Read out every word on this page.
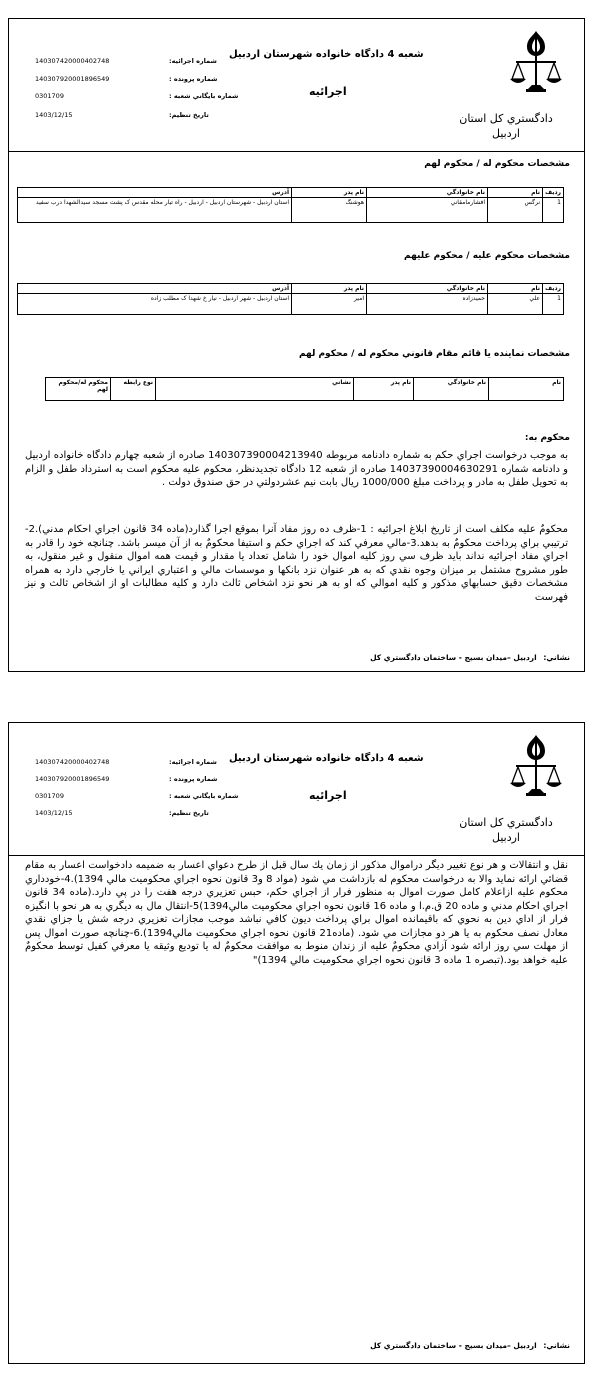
دادگستري كل استان اردبيل
شعبه 4 دادگاه خانواده شهرستان اردبيل
اجرائيه
شماره اجرائيه:
140307420000402748
شماره پرونده :
140307920001896549
شماره بايگاني شعبه :
0301709
تاريخ تنظيم:
1403/12/15
مشخصات محكوم له / محكوم لهم
رديف	نام	نام خانوادگي	نام پدر	آدرس
1	نرگس	افشارمامقاني	هوشنگ	استان اردبيل - شهرستان اردبيل - اردبيل - راه تيار محله مقدس ک پشت مسجد سيدالشهدا درب سفيد
مشخصات محكوم عليه / محكوم عليهم
رديف	نام	نام خانوادگي	نام پدر	آدرس
1	علي	حميدزاده	امير	استان اردبيل - شهر اردبيل - نيار خ شهدا ک مطلب زاده
مشخصات نماينده يا قائم مقام قانوني محكوم له / محكوم لهم
نام	نام خانوادگي	نام پدر	نشاني	نوع رابطه	محكوم له/محكوم لهم
محكوم به:
به موجب درخواست اجراي حكم به شماره دادنامه مربوطه 140307390004213940 صادره از شعبه چهارم دادگاه خانواده اردبيل و دادنامه شماره 14037390004630291 صادره از شعبه 12 دادگاه تجديدنظر، محكوم عليه محكوم است به استرداد طفل و الزام به تحويل طفل به مادر و پرداخت مبلغ 1000/000 ريال بابت نيم عشردولتي در حق صندوق دولت .
محكومٌ عليه مكلف است از تاريخ ابلاغ اجرائيه : 1-ظرف ده روز مفاد آنرا بموقع اجرا گذارد(ماده 34 قانون اجراي احكام مدني).2-ترتيبي براي پرداخت محكومٌ به بدهد.3-مالي معرفي كند كه اجراي حكم و استيفا محكومٌ به از آن ميسر باشد. چنانچه خود را قادر به اجراي مفاد اجرائيه نداند بايد ظرف سي روز كليه اموال خود را شامل تعداد يا مقدار و قيمت همه اموال منقول و غير منقول، به طور مشروح مشتمل بر ميزان وجوه نقدي كه به هر عنوان نزد بانكها و موسسات مالي و اعتباري ايراني يا خارجي دارد به همراه مشخصات دقيق حسابهاي مذكور و كليه اموالي كه او به هر نحو نزد اشخاص ثالث دارد و كليه مطالبات او از اشخاص ثالث و نيز فهرست
نشاني: اردبيل –ميدان بسيج - ساختمان دادگستري كل
دادگستري كل استان اردبيل
شعبه 4 دادگاه خانواده شهرستان اردبيل
اجرائيه
شماره اجرائيه:
140307420000402748
شماره پرونده :
140307920001896549
شماره بايگاني شعبه :
0301709
تاريخ تنظيم:
1403/12/15
نقل و انتقالات و هر نوع تغيير ديگر دراموال مذكور از زمان يك سال قبل از طرح دعواي اعسار به ضميمه دادخواست اعسار به مقام قضائي ارائه نمايد والا به درخواست محكوم له بازداشت مي شود (مواد 8 و3 قانون نحوه اجراي محكوميت مالي 1394).4-خودداري محكوم عليه ازاعلام كامل صورت اموال به منظور فرار از اجراي حكم، حبس تعزيري درجه هفت را در پي دارد.(ماده 34 قانون اجراي احكام مدني و ماده 20 ق.م.ا و ماده 16 قانون نحوه اجراي محكوميت مالي1394)5-انتقال مال به ديگري به هر نحو با انگيزه فرار از اداي دين به نحوي كه باقيمانده اموال براي پرداخت ديون كافي نباشد موجب مجازات تعزيري درجه شش يا جزاي نقدي معادل نصف محكوم به يا هر دو مجازات مي شود. (ماده21 قانون نحوه اجراي محكوميت مالي1394).6-چنانچه صورت اموال پس از مهلت سي روز ارائه شود آزادي محكومٌ عليه از زندان منوط به موافقت محكومٌ له يا توديع وثيقه يا معرفي كفيل توسط محكومٌ عليه خواهد بود.(تبصره 1 ماده 3 قانون نحوه اجراي محكوميت مالي 1394)"
نشاني: اردبيل –ميدان بسيج - ساختمان دادگستري كل
